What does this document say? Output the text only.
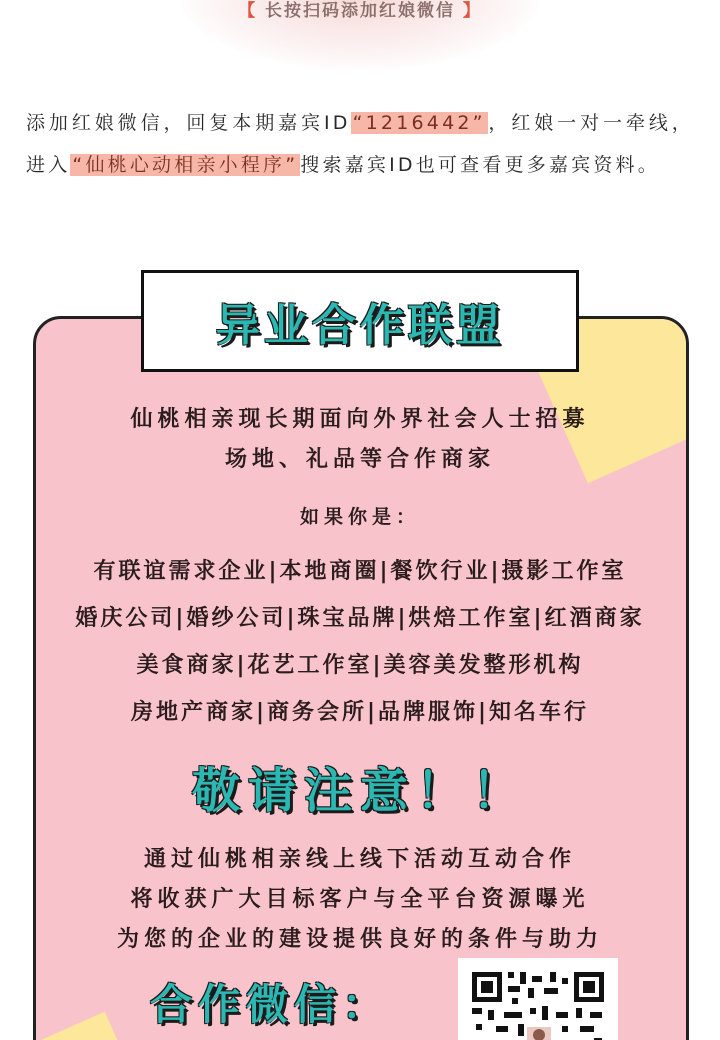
【 长按扫码添加红娘微信 】

添加红娘微信，回复本期嘉宾ID “1216442” ，红娘一对一牵线，进入 “仙桃心动相亲小程序” 搜索嘉宾ID也可查看更多嘉宾资料。

异业合作联盟
仙桃相亲现长期面向外界社会人士招募
场地、礼品等合作商家
如果你是：
有联谊需求企业|本地商圈|餐饮行业|摄影工作室
婚庆公司|婚纱公司|珠宝品牌|烘焙工作室|红酒商家
美食商家|花艺工作室|美容美发整形机构
房地产商家|商务会所|品牌服饰|知名车行
敬请注意！！
通过仙桃相亲线上线下活动互动合作
将收获广大目标客户与全平台资源曝光
为您的企业的建设提供良好的条件与助力
合作微信：
